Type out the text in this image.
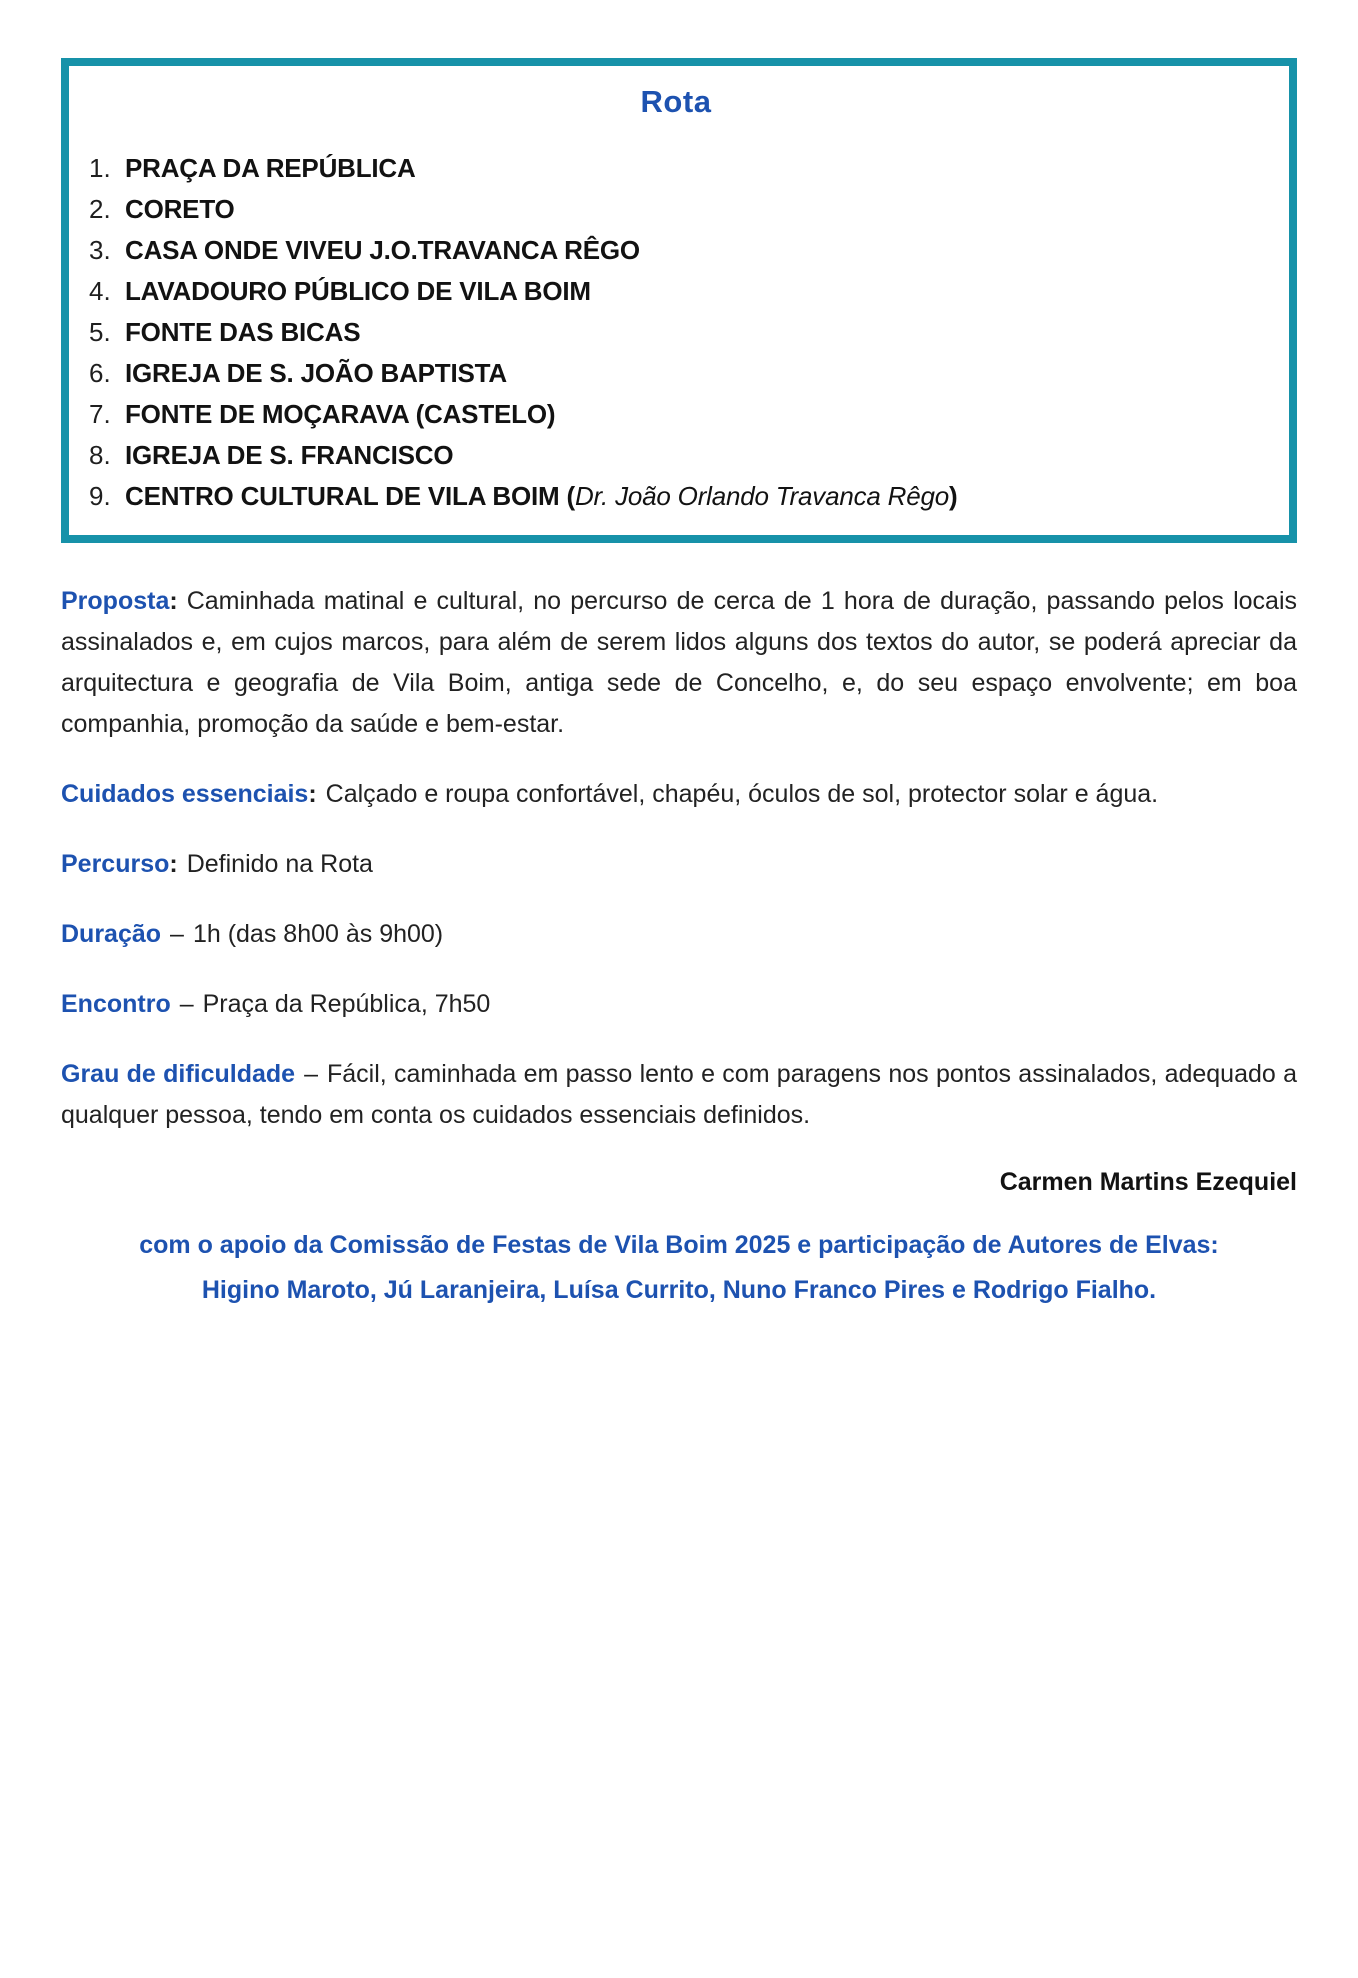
Rota
1. PRAÇA DA REPÚBLICA
2. CORETO
3. CASA ONDE VIVEU J.O.TRAVANCA RÊGO
4. LAVADOURO PÚBLICO DE VILA BOIM
5. FONTE DAS BICAS
6. IGREJA DE S. JOÃO BAPTISTA
7. FONTE DE MOÇARAVA (CASTELO)
8. IGREJA DE S. FRANCISCO
9. CENTRO CULTURAL DE VILA BOIM (Dr. João Orlando Travanca Rêgo)

Proposta: Caminhada matinal e cultural, no percurso de cerca de 1 hora de duração, passando pelos locais assinalados e, em cujos marcos, para além de serem lidos alguns dos textos do autor, se poderá apreciar da arquitectura e geografia de Vila Boim, antiga sede de Concelho, e, do seu espaço envolvente; em boa companhia, promoção da saúde e bem-estar.

Cuidados essenciais: Calçado e roupa confortável, chapéu, óculos de sol, protector solar e água.

Percurso: Definido na Rota

Duração – 1h (das 8h00 às 9h00)

Encontro – Praça da República, 7h50

Grau de dificuldade – Fácil, caminhada em passo lento e com paragens nos pontos assinalados, adequado a qualquer pessoa, tendo em conta os cuidados essenciais definidos.

Carmen Martins Ezequiel

com o apoio da Comissão de Festas de Vila Boim 2025 e participação de Autores de Elvas:
Higino Maroto, Jú Laranjeira, Luísa Currito, Nuno Franco Pires e Rodrigo Fialho.
